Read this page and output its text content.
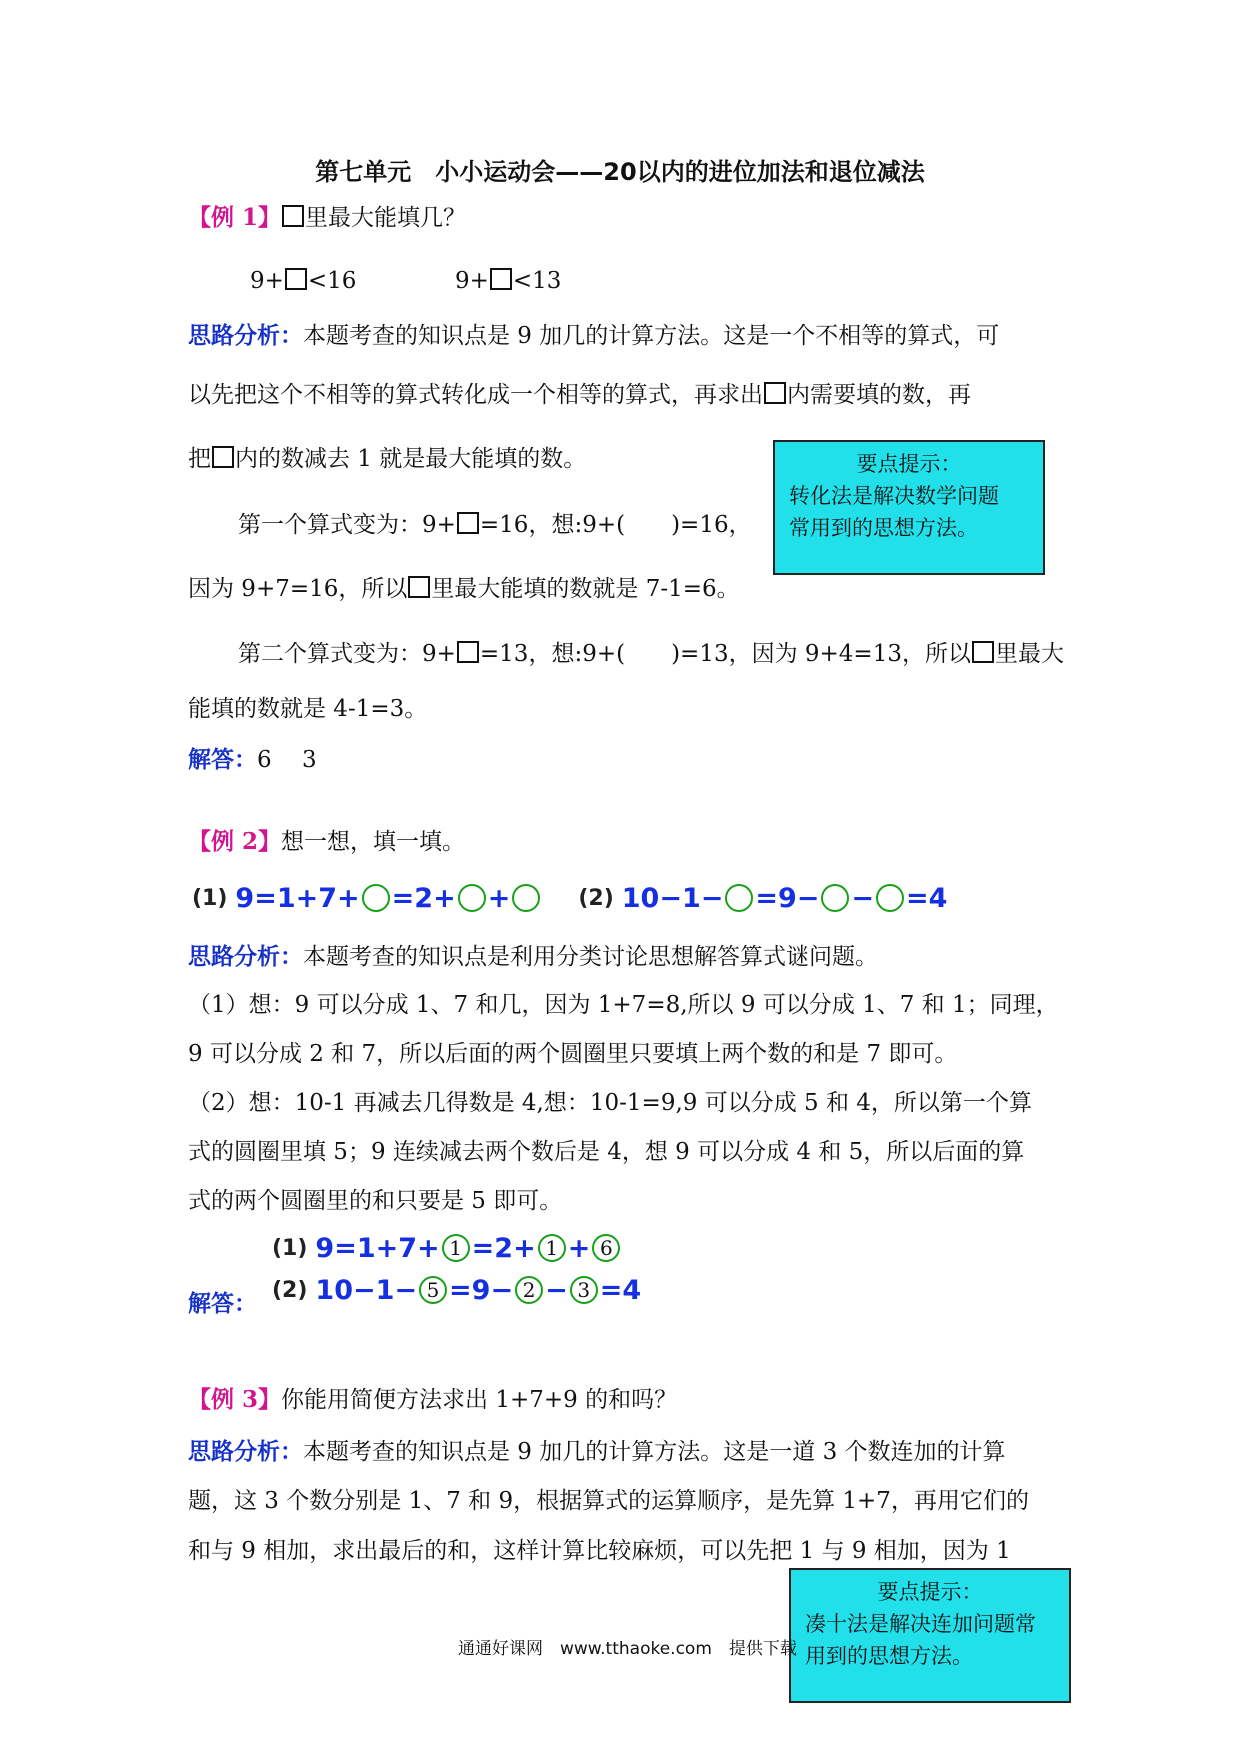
第七单元　小小运动会——20以内的进位加法和退位减法
【例 1】 里最大能填几？
9+ <16	9+ <13
思路分析：本题考查的知识点是 9 加几的计算方法。这是一个不相等的算式，可
以先把这个不相等的算式转化成一个相等的算式，再求出 内需要填的数，再
把 内的数减去 1 就是最大能填的数。
第一个算式变为：9+ =16，想:9+(　　)=16，
因为 9+7=16，所以 里最大能填的数就是 7-1=6。
第二个算式变为：9+ =13，想:9+(　　)=13，因为 9+4=13，所以 里最大
能填的数就是 4-1=3。
解答：6　 3
要点提示：
转化法是解决数学问题
常用到的思想方法。
【例 2】想一想，填一填。
(1) 9=1+7+ =2+ +	(2) 10−1− =9− − =4
思路分析：本题考查的知识点是利用分类讨论思想解答算式谜问题。
（1）想：9 可以分成 1、7 和几，因为 1+7=8,所以 9 可以分成 1、7 和 1；同理，
9 可以分成 2 和 7，所以后面的两个圆圈里只要填上两个数的和是 7 即可。
（2）想：10-1 再减去几得数是 4,想：10-1=9,9 可以分成 5 和 4，所以第一个算
式的圆圈里填 5；9 连续减去两个数后是 4，想 9 可以分成 4 和 5，所以后面的算
式的两个圆圈里的和只要是 5 即可。
解答：
(1) 9=1+7+ 1 =2+ 1 + 6
(2) 10−1− 5 =9− 2 − 3 =4
【例 3】你能用简便方法求出 1+7+9 的和吗？
思路分析：本题考查的知识点是 9 加几的计算方法。这是一道 3 个数连加的计算
题，这 3 个数分别是 1、7 和 9，根据算式的运算顺序，是先算 1+7，再用它们的
和与 9 相加，求出最后的和，这样计算比较麻烦，可以先把 1 与 9 相加，因为 1
要点提示：
凑十法是解决连加问题常
用到的思想方法。
通通好课网　www.tthaoke.com　提供下载
